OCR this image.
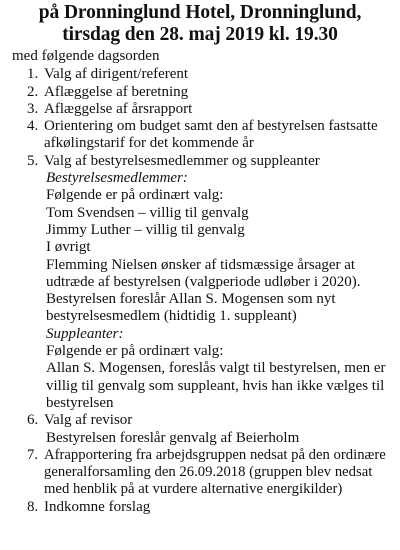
på Dronninglund Hotel, Dronninglund,
tirsdag den 28. maj 2019 kl. 19.30
med følgende dagsorden
1. Valg af dirigent/referent
2. Aflæggelse af beretning
3. Aflæggelse af årsrapport
4. Orientering om budget samt den af bestyrelsen fastsatte afkølingstarif for det kommende år
5. Valg af bestyrelsesmedlemmer og suppleanter
Bestyrelsesmedlemmer:
Følgende er på ordinært valg:
Tom Svendsen – villig til genvalg
Jimmy Luther – villig til genvalg
I øvrigt
Flemming Nielsen ønsker af tidsmæssige årsager at udtræde af bestyrelsen (valgperiode udløber i 2020).
Bestyrelsen foreslår Allan S. Mogensen som nyt bestyrelsesmedlem (hidtidig 1. suppleant)
Suppleanter:
Følgende er på ordinært valg:
Allan S. Mogensen, foreslås valgt til bestyrelsen, men er villig til genvalg som suppleant, hvis han ikke vælges til bestyrelsen
6. Valg af revisor
Bestyrelsen foreslår genvalg af Beierholm
7. Afrapportering fra arbejdsgruppen nedsat på den ordinære generalforsamling den 26.09.2018 (gruppen blev nedsat med henblik på at vurdere alternative energikilder)
8. Indkomne forslag
